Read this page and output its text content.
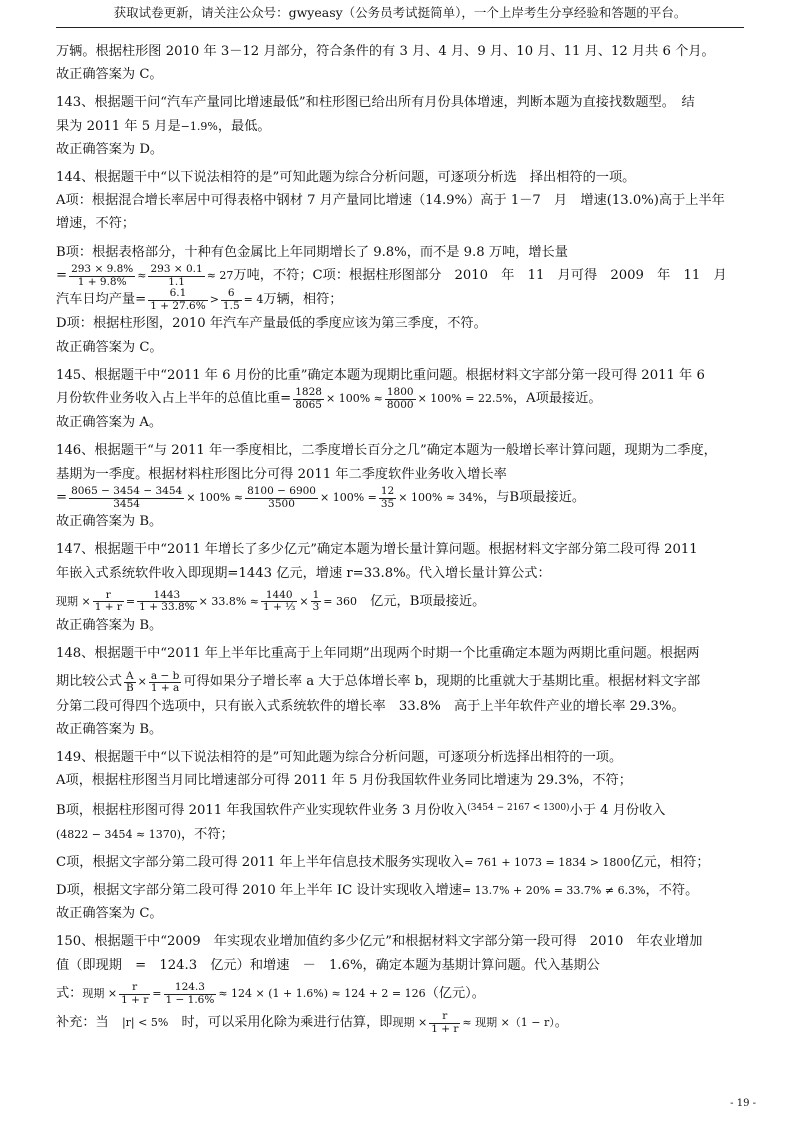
获取试卷更新，请关注公众号：gwyeasy（公务员考试挺简单），一个上岸考生分享经验和答题的平台。

万辆。根据柱形图 2010 年 3－12 月部分，符合条件的有 3 月、4 月、9 月、10 月、11 月、12 月共 6 个月。

故正确答案为 C。

143、根据题干问“汽车产量同比增速最低”和柱形图已给出所有月份具体增速，判断本题为直接找数题型。　结

果为 2011 年 5 月是−1.9%，最低。

故正确答案为 D。

144、根据题干中“以下说法相符的是”可知此题为综合分析问题，可逐项分析选　择出相符的一项。

A项：根据混合增长率居中可得表格中钢材 7 月产量同比增速（14.9%）高于 1－7　月　增速(13.0%)高于上半年

增速，不符；

B项：根据表格部分，十种有色金属比上年同期增长了 9.8%，而不是 9.8 万吨，增长量

= $\frac{293 \times 9.8\%}{1 + 9.8\%} \approx \frac{293 \times 0.1}{1.1} \approx 27$万吨，不符；C项：根据柱形图部分　2010　年　11　月可得　2009　年　11　月

汽车日均产量= $\frac{6.1}{1 + 27.6\%} > \frac{6}{1.5} = 4$万辆，相符；

D项：根据柱形图，2010 年汽车产量最低的季度应该为第三季度，不符。

故正确答案为 C。

145、根据题干中“2011 年 6 月份的比重”确定本题为现期比重问题。根据材料文字部分第一段可得 2011 年 6

月份软件业务收入占上半年的总值比重= $\frac{1828}{8065} \times 100\% \approx \frac{1800}{8000} \times 100\% = 22.5\%$，A项最接近。

故正确答案为 A。

146、根据题干“与 2011 年一季度相比，二季度增长百分之几”确定本题为一般增长率计算问题，现期为二季度，

基期为一季度。根据材料柱形图比分可得 2011 年二季度软件业务收入增长率

= $\frac{8065 - 3454 - 3454}{3454} \times 100\% \approx \frac{8100 - 6900}{3500} \times 100\% = \frac{12}{35} \times 100\% \approx 34\%$，与B项最接近。

故正确答案为 B。

147、根据题干中“2011 年增长了多少亿元”确定本题为增长量计算问题。根据材料文字部分第二段可得 2011

年嵌入式系统软件收入即现期=1443 亿元，增速 r=33.8%。代入增长量计算公式：

现期 × $\frac{r}{1 + r} = \frac{1443}{1 + 33.8\%} \times 33.8\% \approx \frac{1440}{\text{1 + ⅓}} \times \frac{1}{3} = 360$　 亿元，B项最接近。

故正确答案为 B。

148、根据题干中“2011 年上半年比重高于上年同期”出现两个时期一个比重确定本题为两期比重问题。根据两

期比较公式 $\frac{A}{B} \times \frac{a - b}{1 + a}$ 可得如果分子增长率 a 大于总体增长率 b，现期的比重就大于基期比重。根据材料文字部

分第二段可得四个选项中，只有嵌入式系统软件的增长率　33.8%　高于上半年软件产业的增长率 29.3%。

故正确答案为 B。

149、根据题干中“以下说法相符的是”可知此题为综合分析问题，可逐项分析选择出相符的一项。

A项，根据柱形图当月同比增速部分可得 2011 年 5 月份我国软件业务同比增速为 29.3%，不符；

B项，根据柱形图可得 2011 年我国软件产业实现软件业务 3 月份收入$^{(3454 - 2167 < 1300)}$小于 4 月份收入

(4822 − 3454 ≈ 1370)，不符；

C项，根据文字部分第二段可得 2011 年上半年信息技术服务实现收入= 761 + 1073 = 1834 > 1800亿元，相符；

D项，根据文字部分第二段可得 2010 年上半年 IC 设计实现收入增速= 13.7% + 20% = 33.7% ≠ 6.3%，不符。

故正确答案为 C。

150、根据题干中“2009　年实现农业增加值约多少亿元”和根据材料文字部分第一段可得　2010　年农业增加

值（即现期　=　124.3　亿元）和增速　－　1.6%，确定本题为基期计算问题。代入基期公

式：现期 × $\frac{r}{1 + r} = \frac{124.3}{1 - 1.6\%} \approx 124 \times (1 + 1.6\%) \approx 124 + 2 = 126$（亿元）。

补充：当　 |r| < 5%　 时，可以采用化除为乘进行估算，即现期 × $\frac{r}{1 + r}$ ≈ 现期 ×（1 − r）。

- 19 -
